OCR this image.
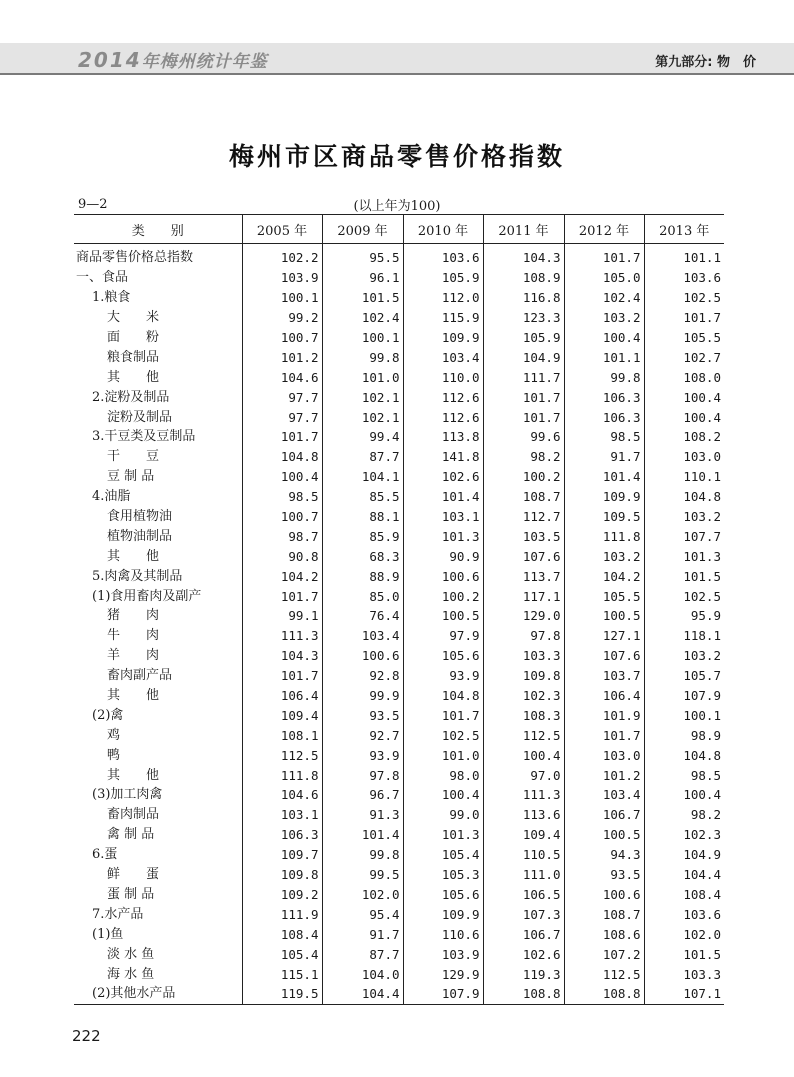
2014年梅州统计年鉴	第九部分: 物　价
梅州市区商品零售价格指数
9—2	(以上年为100)
类　　别	2005 年	2009 年	2010 年	2011 年	2012 年	2013 年
商品零售价格总指数	102.2	95.5	103.6	104.3	101.7	101.1
一、食品	103.9	96.1	105.9	108.9	105.0	103.6
1.粮食	100.1	101.5	112.0	116.8	102.4	102.5
大　　米	99.2	102.4	115.9	123.3	103.2	101.7
面　　粉	100.7	100.1	109.9	105.9	100.4	105.5
粮食制品	101.2	99.8	103.4	104.9	101.1	102.7
其　　他	104.6	101.0	110.0	111.7	99.8	108.0
2.淀粉及制品	97.7	102.1	112.6	101.7	106.3	100.4
淀粉及制品	97.7	102.1	112.6	101.7	106.3	100.4
3.干豆类及豆制品	101.7	99.4	113.8	99.6	98.5	108.2
干　　豆	104.8	87.7	141.8	98.2	91.7	103.0
豆 制 品	100.4	104.1	102.6	100.2	101.4	110.1
4.油脂	98.5	85.5	101.4	108.7	109.9	104.8
食用植物油	100.7	88.1	103.1	112.7	109.5	103.2
植物油制品	98.7	85.9	101.3	103.5	111.8	107.7
其　　他	90.8	68.3	90.9	107.6	103.2	101.3
5.肉禽及其制品	104.2	88.9	100.6	113.7	104.2	101.5
(1)食用畜肉及副产	101.7	85.0	100.2	117.1	105.5	102.5
猪　　肉	99.1	76.4	100.5	129.0	100.5	95.9
牛　　肉	111.3	103.4	97.9	97.8	127.1	118.1
羊　　肉	104.3	100.6	105.6	103.3	107.6	103.2
畜肉副产品	101.7	92.8	93.9	109.8	103.7	105.7
其　　他	106.4	99.9	104.8	102.3	106.4	107.9
(2)禽	109.4	93.5	101.7	108.3	101.9	100.1
鸡	108.1	92.7	102.5	112.5	101.7	98.9
鸭	112.5	93.9	101.0	100.4	103.0	104.8
其　　他	111.8	97.8	98.0	97.0	101.2	98.5
(3)加工肉禽	104.6	96.7	100.4	111.3	103.4	100.4
畜肉制品	103.1	91.3	99.0	113.6	106.7	98.2
禽 制 品	106.3	101.4	101.3	109.4	100.5	102.3
6.蛋	109.7	99.8	105.4	110.5	94.3	104.9
鲜　　蛋	109.8	99.5	105.3	111.0	93.5	104.4
蛋 制 品	109.2	102.0	105.6	106.5	100.6	108.4
7.水产品	111.9	95.4	109.9	107.3	108.7	103.6
(1)鱼	108.4	91.7	110.6	106.7	108.6	102.0
淡 水 鱼	105.4	87.7	103.9	102.6	107.2	101.5
海 水 鱼	115.1	104.0	129.9	119.3	112.5	103.3
(2)其他水产品	119.5	104.4	107.9	108.8	108.8	107.1
222
